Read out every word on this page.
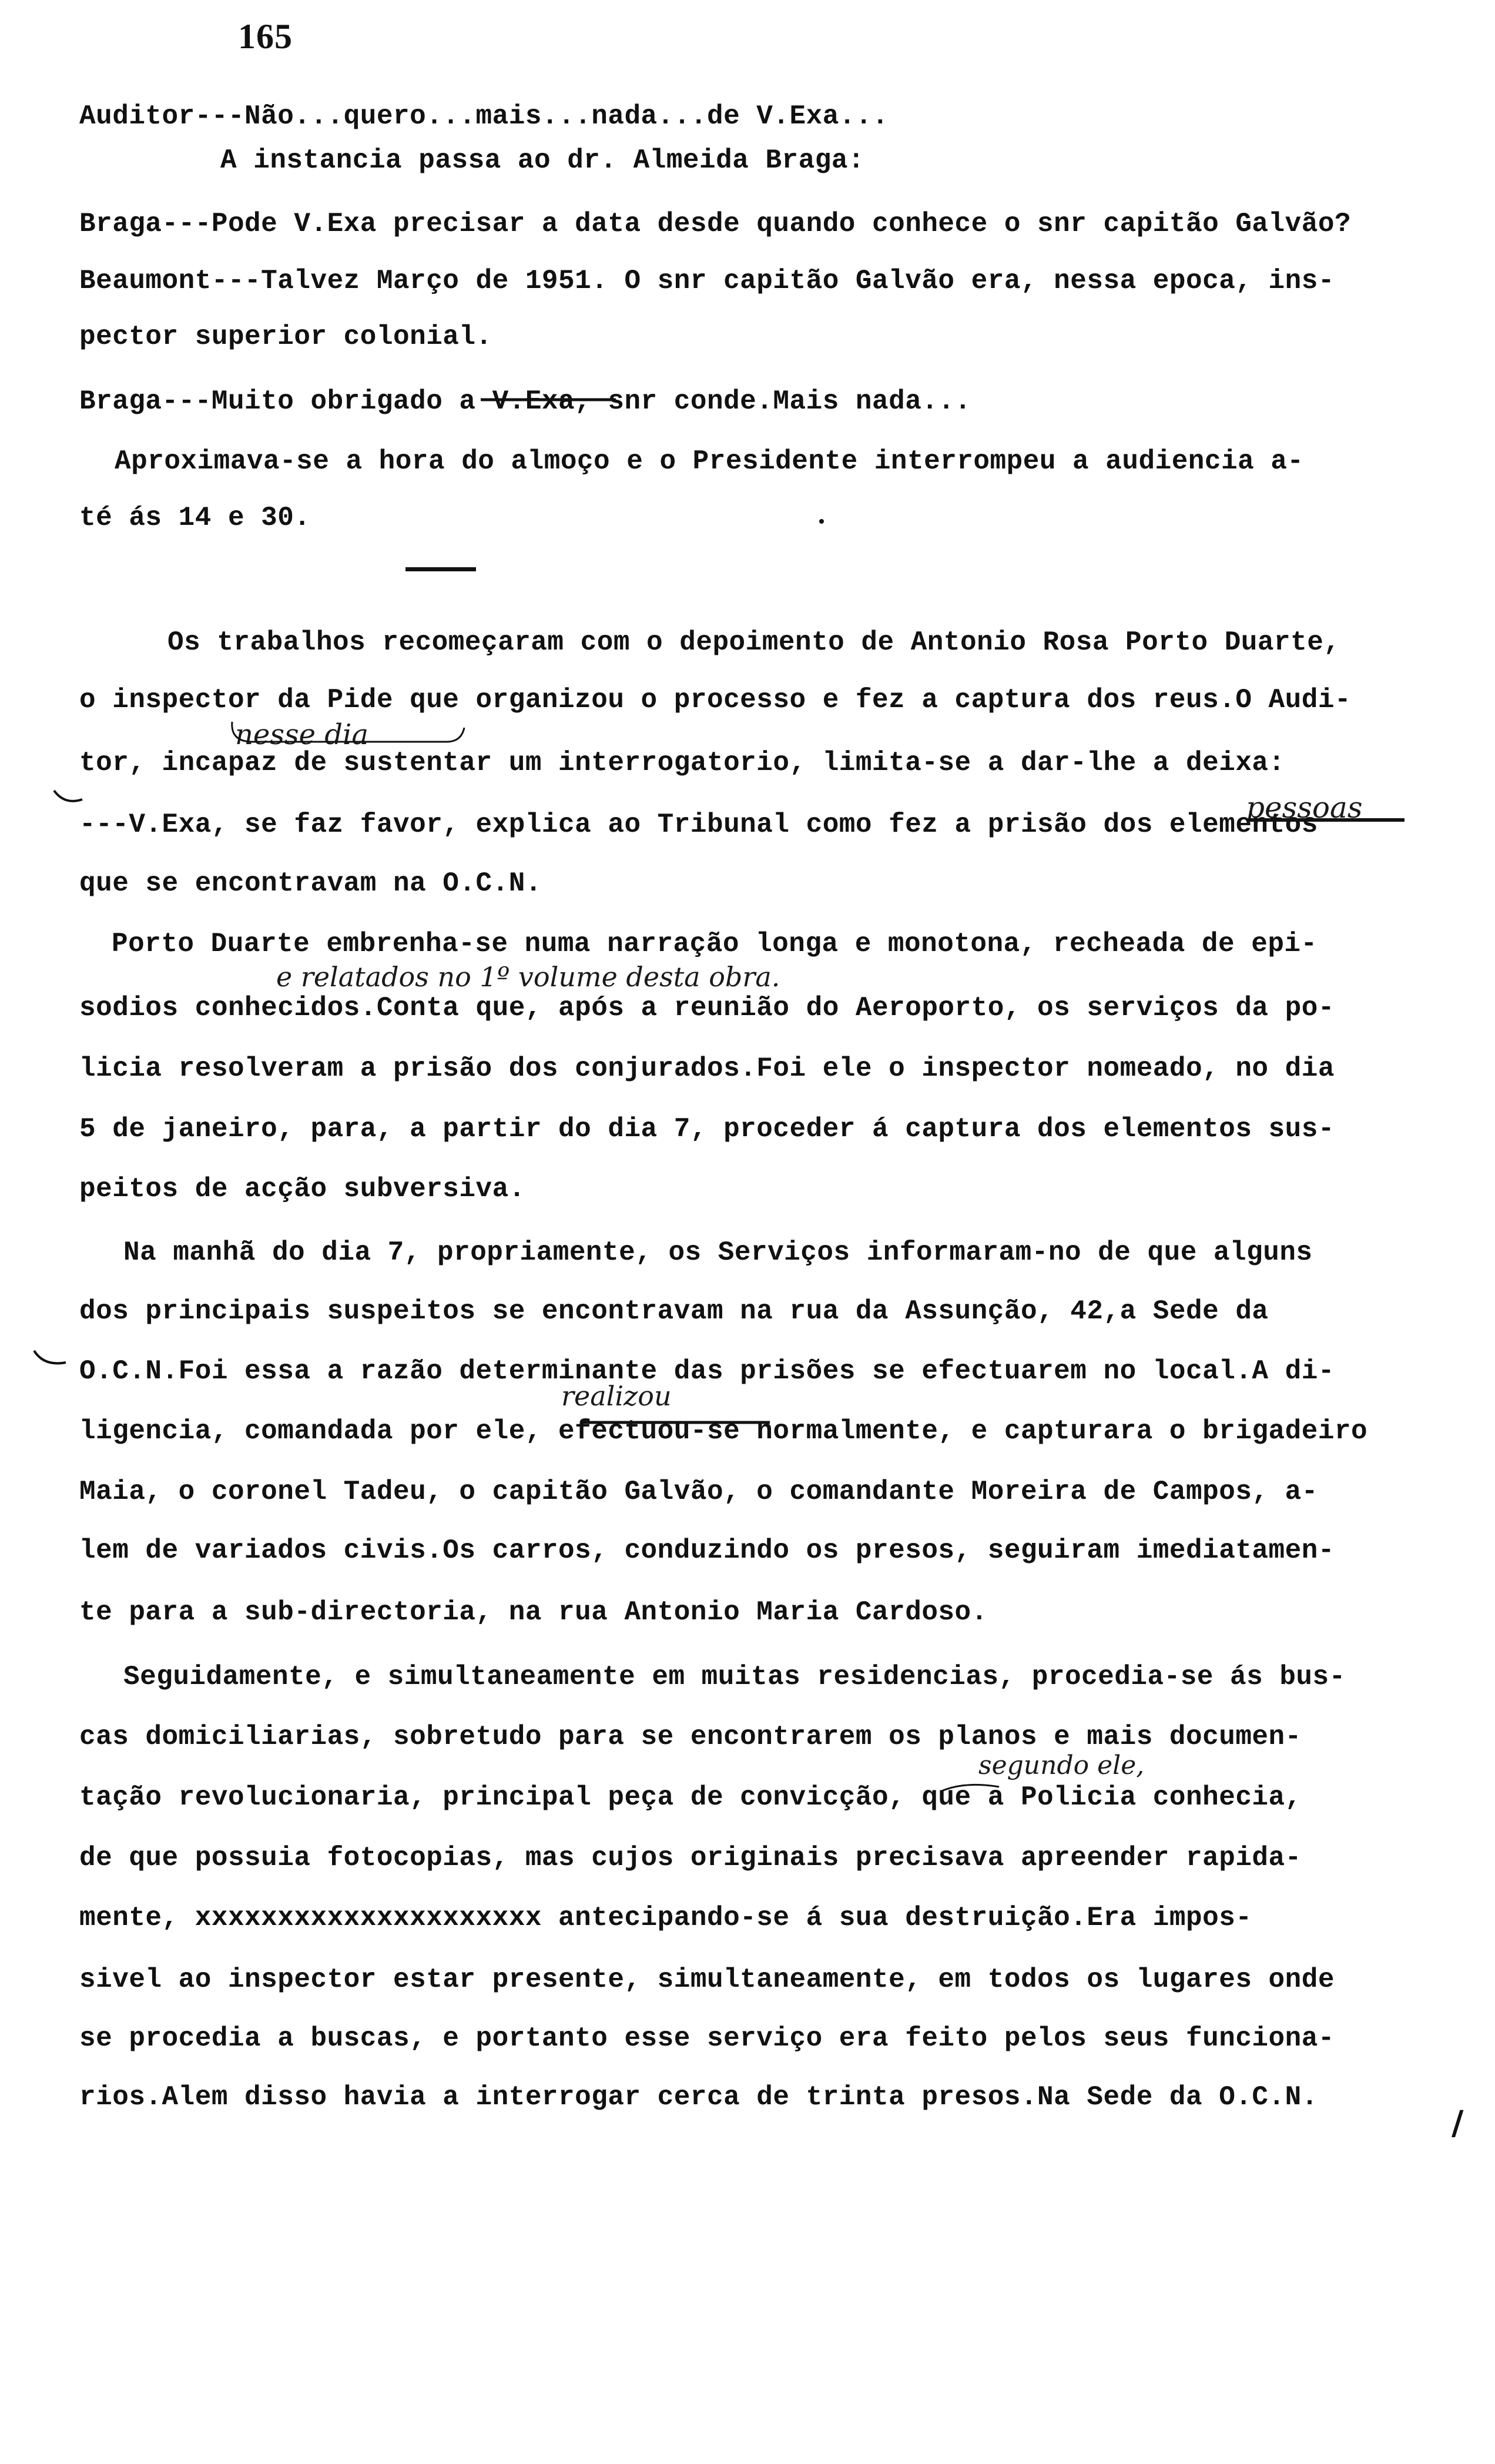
165
Auditor---Não...quero...mais...nada...de V.Exa...
A instancia passa ao dr. Almeida Braga:
Braga---Pode V.Exa precisar a data desde quando conhece o snr capitão Galvão?
Beaumont---Talvez Março de 1951. O snr capitão Galvão era, nessa epoca, ins-
pector superior colonial.
Braga---Muito obrigado a V.Exa, snr conde.Mais nada...
Aproximava-se a hora do almoço e o Presidente interrompeu a audiencia a-
té ás 14 e 30.
Os trabalhos recomeçaram com o depoimento de Antonio Rosa Porto Duarte,
o inspector da Pide que organizou o processo e fez a captura dos reus.O Audi-
tor, incapaz de sustentar um interrogatorio, limita-se a dar-lhe a deixa:
---V.Exa, se faz favor, explica ao Tribunal como fez a prisão dos elementos
que se encontravam na O.C.N.
Porto Duarte embrenha-se numa narração longa e monotona, recheada de epi-
sodios conhecidos.Conta que, após a reunião do Aeroporto, os serviços da po-
licia resolveram a prisão dos conjurados.Foi ele o inspector nomeado, no dia
5 de janeiro, para, a partir do dia 7, proceder á captura dos elementos sus-
peitos de acção subversiva.
Na manhã do dia 7, propriamente, os Serviços informaram-no de que alguns
dos principais suspeitos se encontravam na rua da Assunção, 42,a Sede da
O.C.N.Foi essa a razão determinante das prisões se efectuarem no local.A di-
ligencia, comandada por ele, efectuou-se normalmente, e capturara o brigadeiro
Maia, o coronel Tadeu, o capitão Galvão, o comandante Moreira de Campos, a-
lem de variados civis.Os carros, conduzindo os presos, seguiram imediatamen-
te para a sub-directoria, na rua Antonio Maria Cardoso.
Seguidamente, e simultaneamente em muitas residencias, procedia-se ás bus-
cas domiciliarias, sobretudo para se encontrarem os planos e mais documen-
tação revolucionaria, principal peça de convicção, que a Policia conhecia,
de que possuia fotocopias, mas cujos originais precisava apreender rapida-
mente, xxxxxxxxxxxxxxxxxxxxx antecipando-se á sua destruição.Era impos-
sivel ao inspector estar presente, simultaneamente, em todos os lugares onde
se procedia a buscas, e portanto esse serviço era feito pelos seus funciona-
rios.Alem disso havia a interrogar cerca de trinta presos.Na Sede da O.C.N.
nesse dia
pessoas
e relatados no 1º volume desta obra.
realizou
segundo ele,
/
